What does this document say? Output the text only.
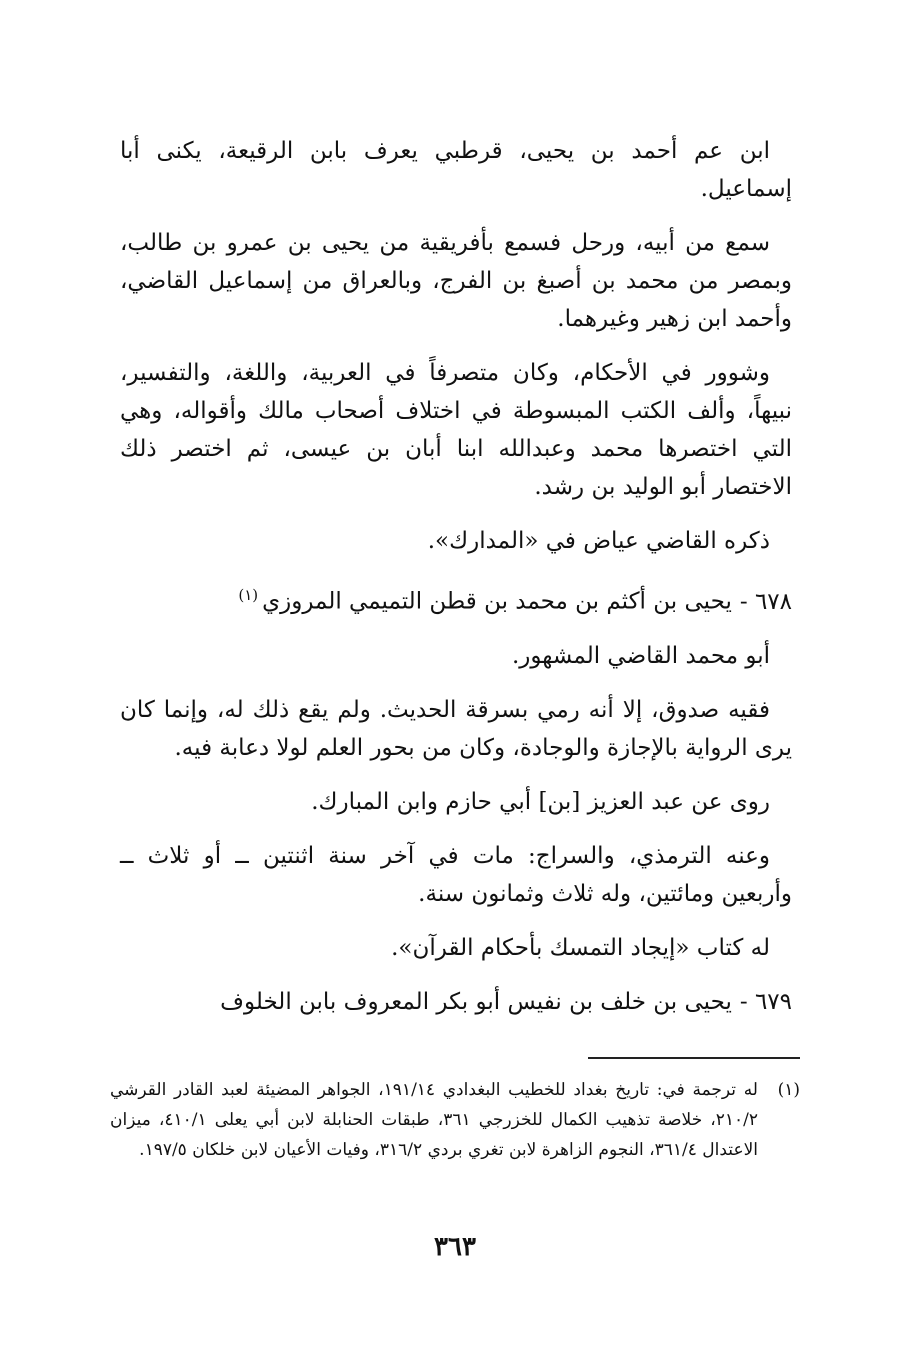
ابن عم أحمد بن يحيى، قرطبي يعرف بابن الرقيعة، يكنى أبا إسماعيل.

سمع من أبيه، ورحل فسمع بأفريقية من يحيى بن عمرو بن طالب، وبمصر من محمد بن أصبغ بن الفرج، وبالعراق من إسماعيل القاضي، وأحمد ابن زهير وغيرهما.

وشوور في الأحكام، وكان متصرفاً في العربية، واللغة، والتفسير، نبيهاً، وألف الكتب المبسوطة في اختلاف أصحاب مالك وأقواله، وهي التي اختصرها محمد وعبدالله ابنا أبان بن عيسى، ثم اختصر ذلك الاختصار أبو الوليد بن رشد.

ذكره القاضي عياض في «المدارك».

٦٧٨ -يحيى بن أكثم بن محمد بن قطن التميمي المروزي$^{(١)}$

أبو محمد القاضي المشهور.

فقيه صدوق، إلا أنه رمي بسرقة الحديث. ولم يقع ذلك له، وإنما كان يرى الرواية بالإجازة والوجادة، وكان من بحور العلم لولا دعابة فيه.

روى عن عبد العزيز [بن] أبي حازم وابن المبارك.

وعنه الترمذي، والسراج: مات في آخر سنة اثنتين ــ أو ثلاث ــ وأربعين ومائتين، وله ثلاث وثمانون سنة.

له كتاب «إيجاد التمسك بأحكام القرآن».

٦٧٩ -يحيى بن خلف بن نفيس أبو بكر المعروف بابن الخلوف

(١)
له ترجمة في: تاريخ بغداد للخطيب البغدادي ١٩١/١٤، الجواهر المضيئة لعبد القادر القرشي ٢١٠/٢، خلاصة تذهيب الكمال للخزرجي ٣٦١، طبقات الحنابلة لابن أبي يعلى ٤١٠/١، ميزان الاعتدال ٣٦١/٤، النجوم الزاهرة لابن تغري بردي ٣١٦/٢، وفيات الأعيان لابن خلكان ١٩٧/٥.
٣٦٣
